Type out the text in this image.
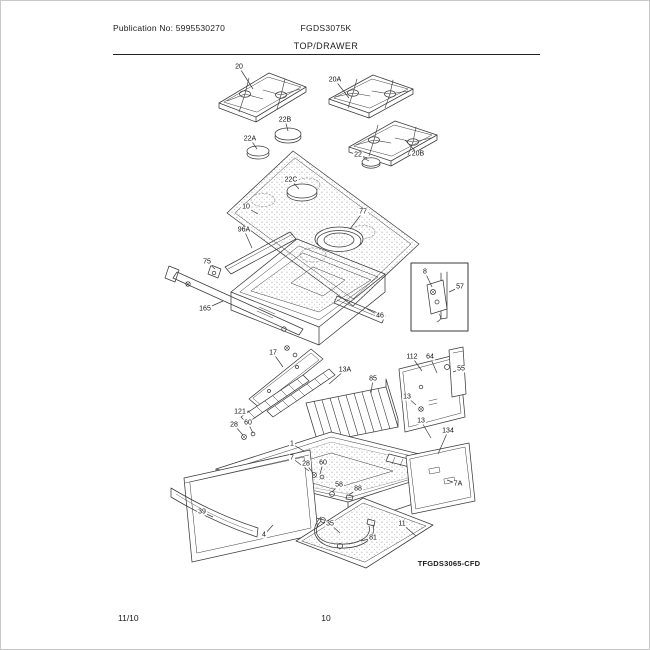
Publication No: 5995530270	FGDS3075K
TOP/DRAWER
20
20A
20B
22B
22A
22
22C
10
77
96A
75
165
46
8
57
17
13A
85
112 64
55
13
121
28 60
1
13
134
7
28 60
58
88
39
4
35
81
11
7A
TFGDS3065-CFD
11/10	10
